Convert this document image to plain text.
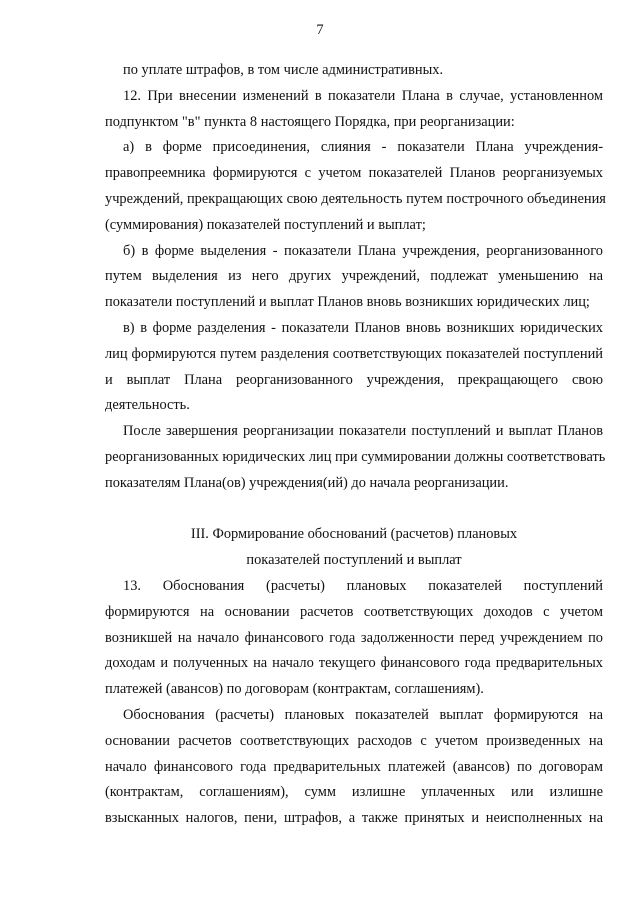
7
по уплате штрафов, в том числе административных.
12. При внесении изменений в показатели Плана в случае, установленном
подпунктом "в" пункта 8 настоящего Порядка, при реорганизации:
а) в форме присоединения, слияния - показатели Плана учреждения-
правопреемника формируются с учетом показателей Планов реорганизуемых
учреждений, прекращающих свою деятельность путем построчного объединения
(суммирования) показателей поступлений и выплат;
б) в форме выделения - показатели Плана учреждения, реорганизованного
путем выделения из него других учреждений, подлежат уменьшению на
показатели поступлений и выплат Планов вновь возникших юридических лиц;
в) в форме разделения - показатели Планов вновь возникших юридических
лиц формируются путем разделения соответствующих показателей поступлений
и выплат Плана реорганизованного учреждения, прекращающего свою
деятельность.
После завершения реорганизации показатели поступлений и выплат Планов
реорганизованных юридических лиц при суммировании должны соответствовать
показателям Плана(ов) учреждения(ий) до начала реорганизации.
III. Формирование обоснований (расчетов) плановых
показателей поступлений и выплат
13. Обоснования (расчеты) плановых показателей поступлений
формируются на основании расчетов соответствующих доходов с учетом
возникшей на начало финансового года задолженности перед учреждением по
доходам и полученных на начало текущего финансового года предварительных
платежей (авансов) по договорам (контрактам, соглашениям).
Обоснования (расчеты) плановых показателей выплат формируются на
основании расчетов соответствующих расходов с учетом произведенных на
начало финансового года предварительных платежей (авансов) по договорам
(контрактам, соглашениям), сумм излишне уплаченных или излишне
взысканных налогов, пени, штрафов, а также принятых и неисполненных на
